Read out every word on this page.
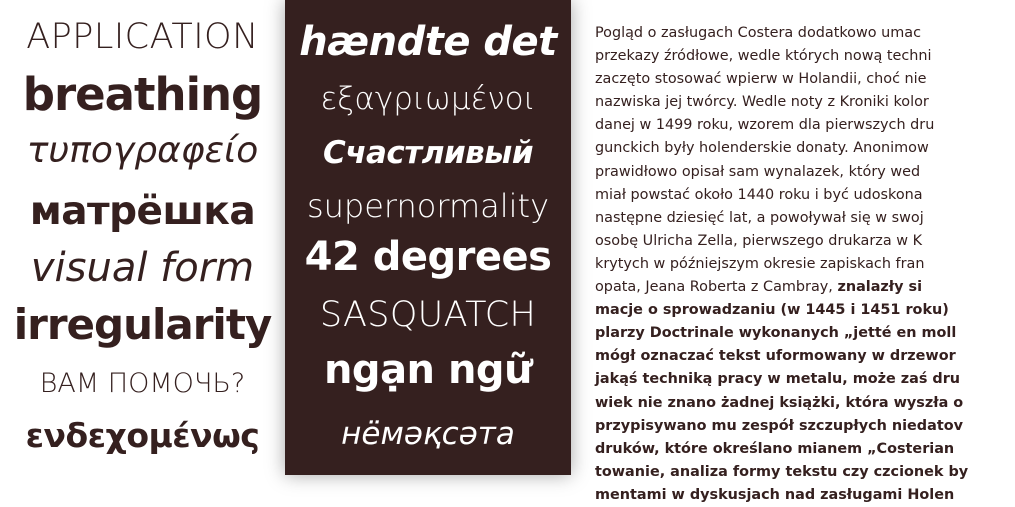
APPLICATION
breathing
τυπογραφείο
матрёшка
visual form
irregularity
ВАМ ПОМОЧЬ?
ενδεχομένως
hændte det
εξαγριωμένοι
Счастливый
supernormality
42 degrees
SASQUATCH
ngạn ngữ
нёмәқсәта

Pogląd o zasługach Costera dodatkowo umac
przekazy źródłowe, wedle których nową techni
zaczęto stosować wpierw w Holandii, choć nie
nazwiska jej twórcy. Wedle noty z Kroniki kolor
danej w 1499 roku, wzorem dla pierwszych dru
gunckich były holenderskie donaty. Anonimow
prawidłowo opisał sam wynalazek, który wed
miał powstać około 1440 roku i być udoskona
następne dziesięć lat, a powoływał się w swoj
osobę Ulricha Zella, pierwszego drukarza w K
krytych w późniejszym okresie zapiskach fran
opata, Jeana Roberta z Cambray, znalazły si
macje o sprowadzaniu (w 1445 i 1451 roku)
plarzy Doctrinale wykonanych „jetté en moll
mógł oznaczać tekst uformowany w drzewor
jakąś techniką pracy w metalu, może zaś dru
wiek nie znano żadnej książki, która wyszła o
przypisywano mu zespół szczupłych niedatov
druków, które określano mianem „Costerian
towanie, analiza formy tekstu czy czcionek by
mentami w dyskusjach nad zasługami Holen
